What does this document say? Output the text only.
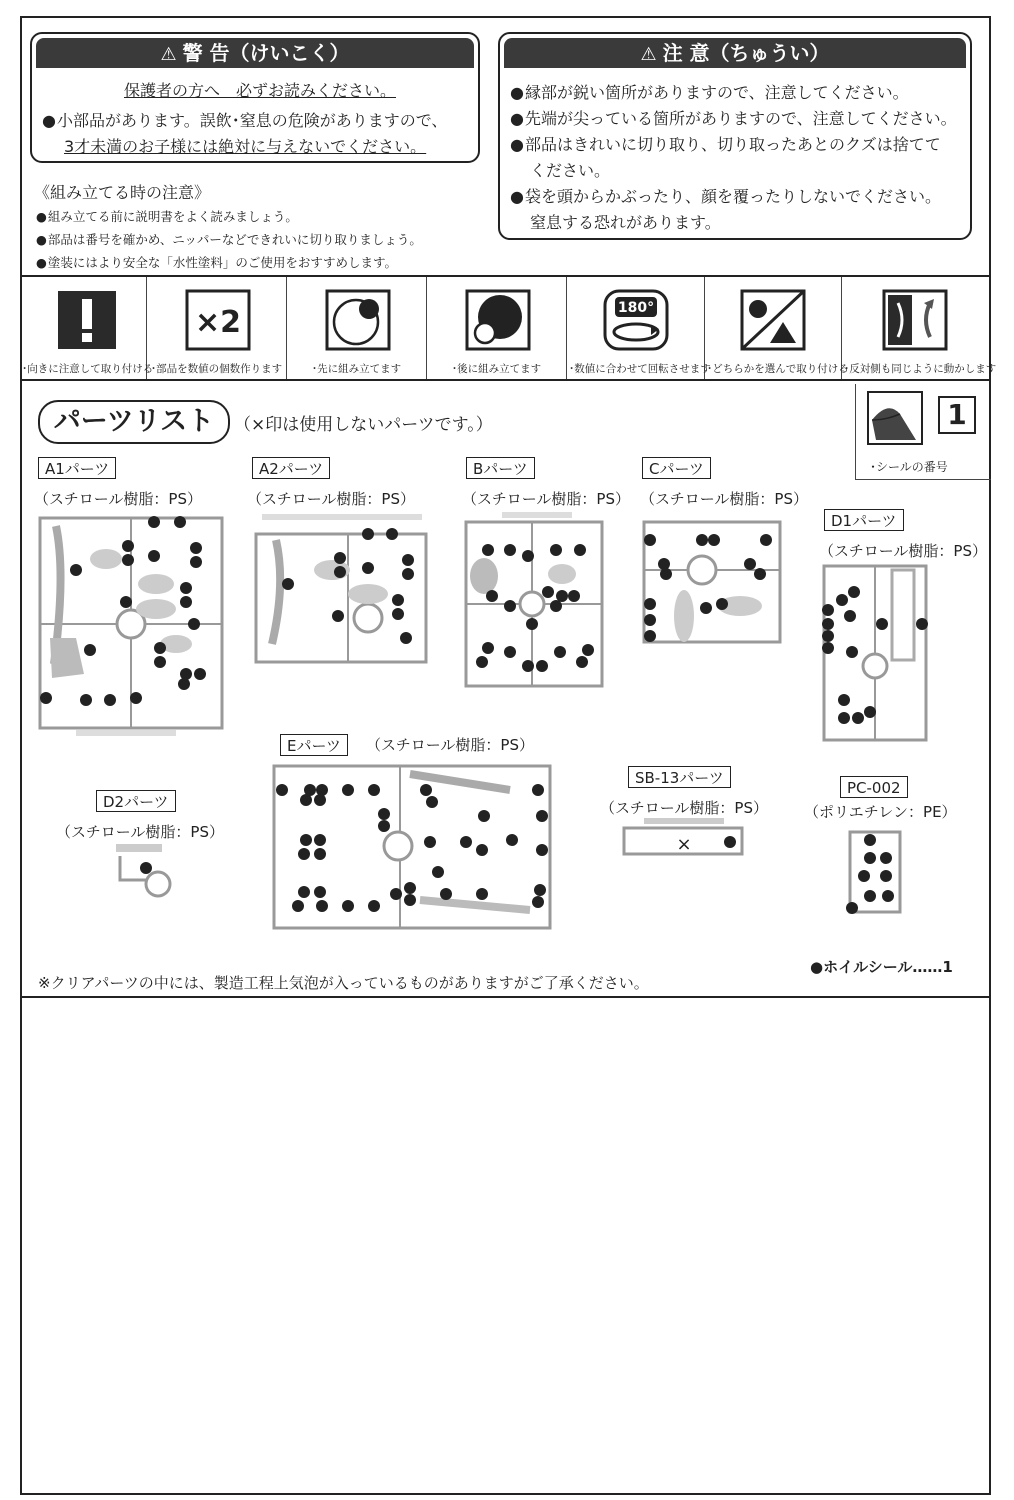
⚠ 警 告（けいこく）
保護者の方へ　必ずお読みください。
● 小部品があります。誤飲･窒息の危険がありますので、
3才未満のお子様には絶対に与えないでください。
⚠ 注 意（ちゅうい）
● 縁部が鋭い箇所がありますので、注意してください。
● 先端が尖っている箇所がありますので、注意してください。
● 部品はきれいに切り取り、切り取ったあとのクズは捨てて
ください。
● 袋を頭からかぶったり、顔を覆ったりしないでください。
窒息する恐れがあります。
《組み立てる時の注意》
● 組み立てる前に説明書をよく読みましょう。
● 部品は番号を確かめ、ニッパーなどできれいに切り取りましょう。
● 塗装にはより安全な「水性塗料」のご使用をおすすめします。
･向きに注意して取り付ける
×2
･部品を数値の個数作ります	･先に組み立てます	･後に組み立てます
180°
･数値に合わせて回転させます
･どちらかを選んで取り付ける
･反対側も同じように動かします
パーツリスト	（×印は使用しないパーツです。）	1
･シールの番号
A1パーツ
（スチロール樹脂：PS）
A2パーツ
（スチロール樹脂：PS）
Bパーツ
（スチロール樹脂：PS）
Cパーツ
（スチロール樹脂：PS）
D1パーツ
（スチロール樹脂：PS）
Eパーツ	（スチロール樹脂：PS）
D2パーツ
（スチロール樹脂：PS）
SB-13パーツ
（スチロール樹脂：PS）
PC-002
（ポリエチレン：PE）
×
●ホイルシール……1
※クリアパーツの中には、製造工程上気泡が入っているものがありますがご了承ください。
